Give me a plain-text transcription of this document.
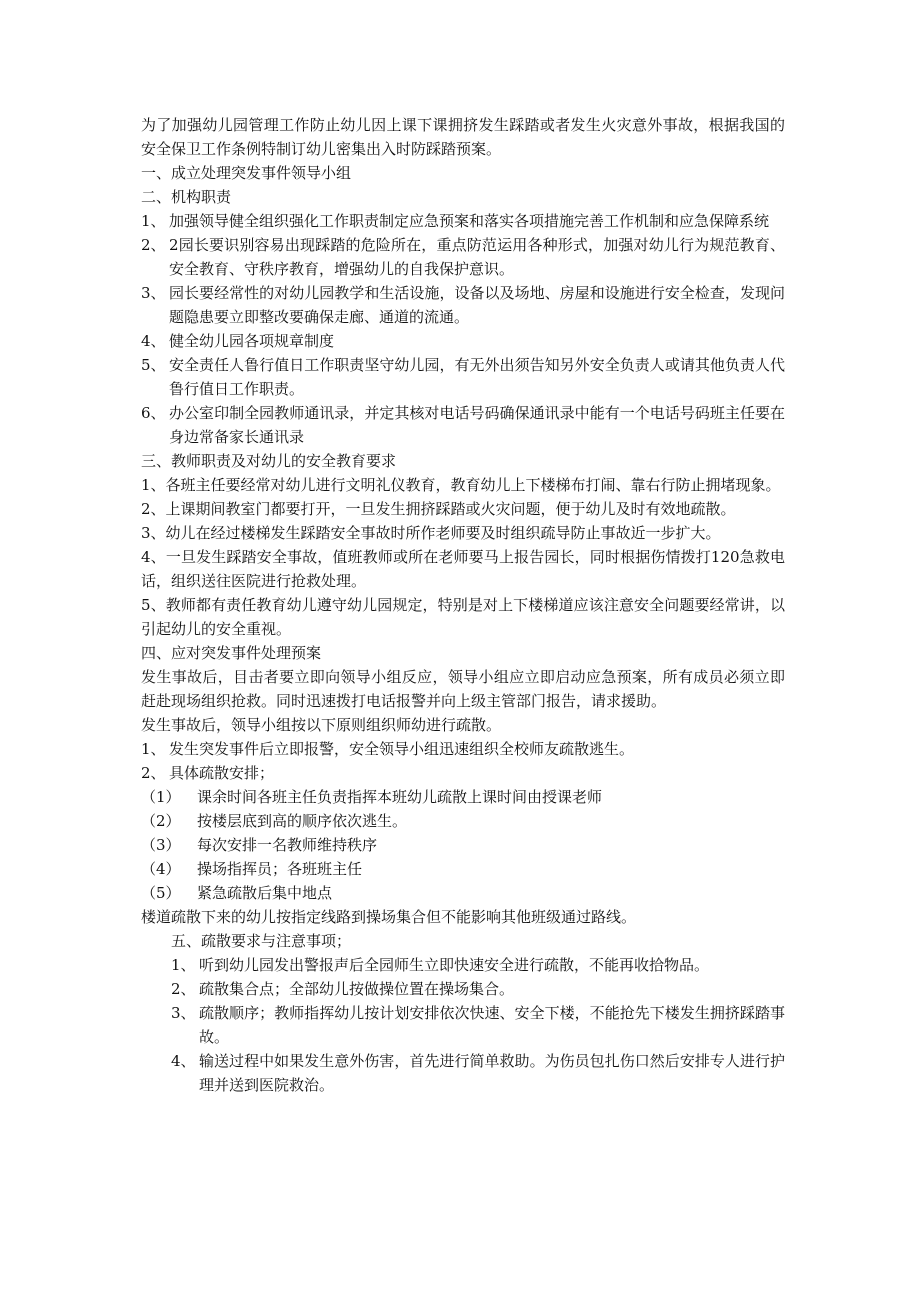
为了加强幼儿园管理工作防止幼儿因上课下课拥挤发生踩踏或者发生火灾意外事故，根据我国的安全保卫工作条例特制订幼儿密集出入时防踩踏预案。

一、成立处理突发事件领导小组

二、机构职责

1、 加强领导健全组织强化工作职责制定应急预案和落实各项措施完善工作机制和应急保障系统
2、 2园长要识别容易出现踩踏的危险所在，重点防范运用各种形式，加强对幼儿行为规范教育、安全教育、守秩序教育，增强幼儿的自我保护意识。
3、 园长要经常性的对幼儿园教学和生活设施，设备以及场地、房屋和设施进行安全检查，发现问题隐患要立即整改要确保走廊、通道的流通。
4、 健全幼儿园各项规章制度
5、 安全责任人鲁行值日工作职责坚守幼儿园，有无外出须告知另外安全负责人或请其他负责人代鲁行值日工作职责。
6、 办公室印制全园教师通讯录，并定其核对电话号码确保通讯录中能有一个电话号码班主任要在身边常备家长通讯录

三、教师职责及对幼儿的安全教育要求

1、各班主任要经常对幼儿进行文明礼仪教育，教育幼儿上下楼梯布打闹、靠右行防止拥堵现象。

2、上课期间教室门都要打开，一旦发生拥挤踩踏或火灾问题，便于幼儿及时有效地疏散。

3、幼儿在经过楼梯发生踩踏安全事故时所作老师要及时组织疏导防止事故近一步扩大。

4、一旦发生踩踏安全事故，值班教师或所在老师要马上报告园长，同时根据伤情拨打120急救电话，组织送往医院进行抢救处理。

5、教师都有责任教育幼儿遵守幼儿园规定，特别是对上下楼梯道应该注意安全问题要经常讲，以引起幼儿的安全重视。

四、应对突发事件处理预案

发生事故后，目击者要立即向领导小组反应，领导小组应立即启动应急预案，所有成员必须立即赶赴现场组织抢救。同时迅速拨打电话报警并向上级主管部门报告，请求援助。

发生事故后，领导小组按以下原则组织师幼进行疏散。

1、 发生突发事件后立即报警，安全领导小组迅速组织全校师友疏散逃生。
2、 具体疏散安排；
（1）	课余时间各班主任负责指挥本班幼儿疏散上课时间由授课老师
（2）	按楼层底到高的顺序依次逃生。
（3）	每次安排一名教师维持秩序
（4）	操场指挥员；各班班主任
（5）	紧急疏散后集中地点

楼道疏散下来的幼儿按指定线路到操场集合但不能影响其他班级通过路线。

五、疏散要求与注意事项；

1、 听到幼儿园发出警报声后全园师生立即快速安全进行疏散，不能再收拾物品。
2、 疏散集合点；全部幼儿按做操位置在操场集合。
3、 疏散顺序；教师指挥幼儿按计划安排依次快速、安全下楼，不能抢先下楼发生拥挤踩踏事故。
4、 输送过程中如果发生意外伤害，首先进行简单救助。为伤员包扎伤口然后安排专人进行护理并送到医院救治。
